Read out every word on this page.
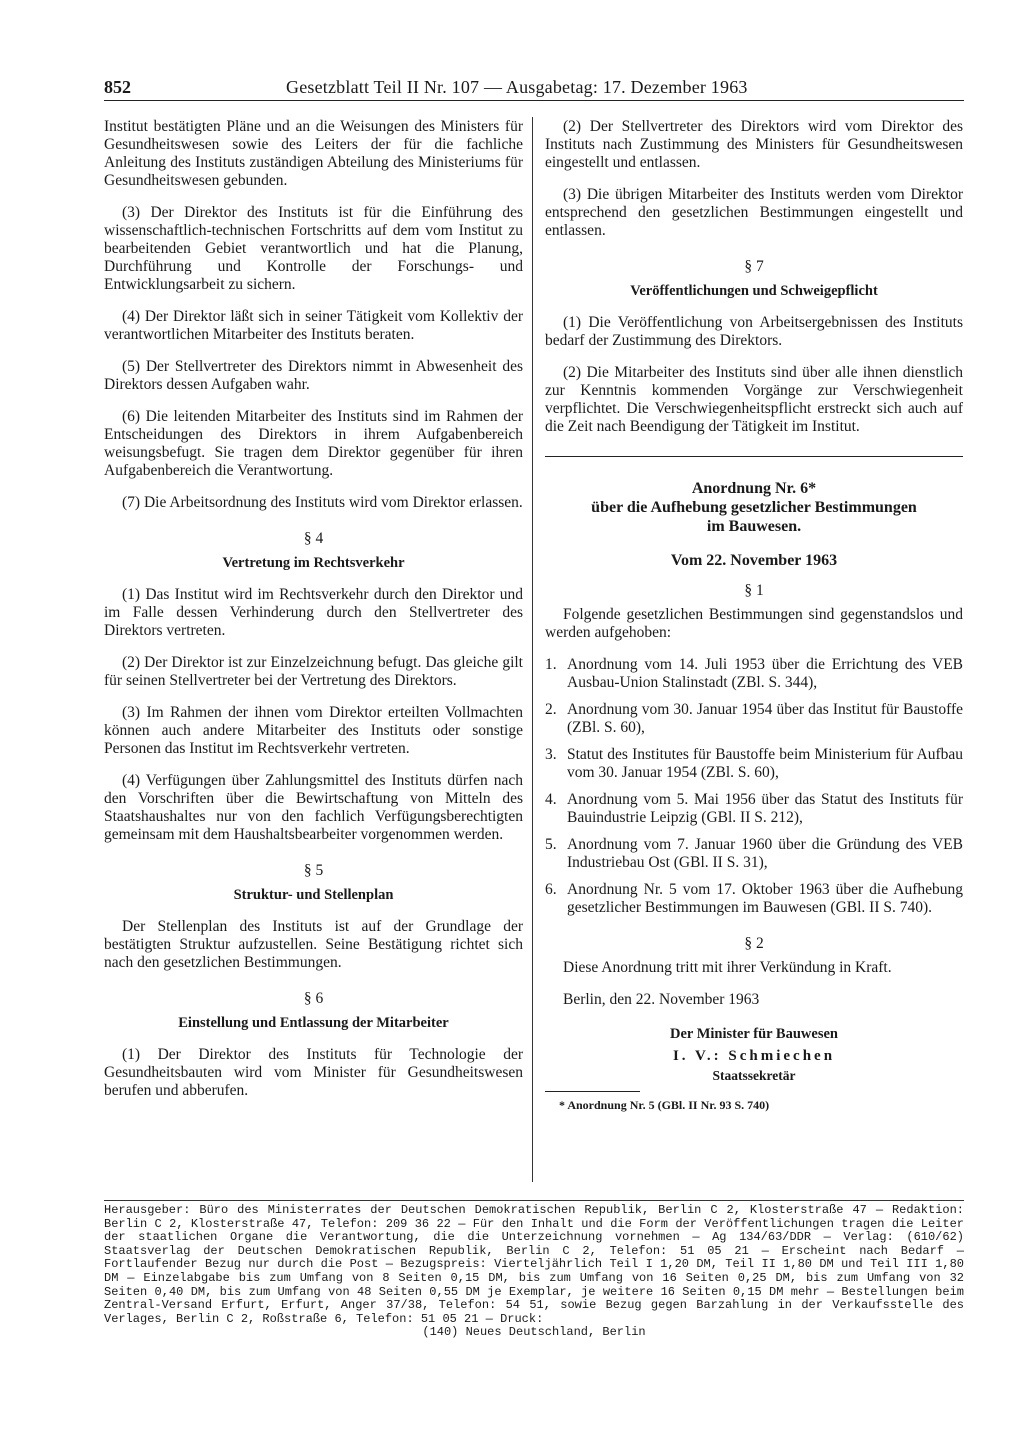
852	Gesetzblatt Teil II Nr. 107 — Ausgabetag: 17. Dezember 1963

Institut bestätigten Pläne und an die Weisungen des Ministers für Gesundheitswesen sowie des Leiters der für die fachliche Anleitung des Instituts zuständigen Abteilung des Ministeriums für Gesundheitswesen gebunden.

(3) Der Direktor des Instituts ist für die Einführung des wissenschaftlich-technischen Fortschritts auf dem vom Institut zu bearbeitenden Gebiet verantwortlich und hat die Planung, Durchführung und Kontrolle der Forschungs- und Entwicklungsarbeit zu sichern.

(4) Der Direktor läßt sich in seiner Tätigkeit vom Kollektiv der verantwortlichen Mitarbeiter des Instituts beraten.

(5) Der Stellvertreter des Direktors nimmt in Abwesenheit des Direktors dessen Aufgaben wahr.

(6) Die leitenden Mitarbeiter des Instituts sind im Rahmen der Entscheidungen des Direktors in ihrem Aufgabenbereich weisungsbefugt. Sie tragen dem Direktor gegenüber für ihren Aufgabenbereich die Verantwortung.

(7) Die Arbeitsordnung des Instituts wird vom Direktor erlassen.

§ 4
Vertretung im Rechtsverkehr

(1) Das Institut wird im Rechtsverkehr durch den Direktor und im Falle dessen Verhinderung durch den Stellvertreter des Direktors vertreten.

(2) Der Direktor ist zur Einzelzeichnung befugt. Das gleiche gilt für seinen Stellvertreter bei der Vertretung des Direktors.

(3) Im Rahmen der ihnen vom Direktor erteilten Vollmachten können auch andere Mitarbeiter des Instituts oder sonstige Personen das Institut im Rechtsverkehr vertreten.

(4) Verfügungen über Zahlungsmittel des Instituts dürfen nach den Vorschriften über die Bewirtschaftung von Mitteln des Staatshaushaltes nur von den fachlich Verfügungsberechtigten gemeinsam mit dem Haushaltsbearbeiter vorgenommen werden.

§ 5
Struktur- und Stellenplan

Der Stellenplan des Instituts ist auf der Grundlage der bestätigten Struktur aufzustellen. Seine Bestätigung richtet sich nach den gesetzlichen Bestimmungen.

§ 6
Einstellung und Entlassung der Mitarbeiter

(1) Der Direktor des Instituts für Technologie der Gesundheitsbauten wird vom Minister für Gesundheitswesen berufen und abberufen.

(2) Der Stellvertreter des Direktors wird vom Direktor des Instituts nach Zustimmung des Ministers für Gesundheitswesen eingestellt und entlassen.

(3) Die übrigen Mitarbeiter des Instituts werden vom Direktor entsprechend den gesetzlichen Bestimmungen eingestellt und entlassen.

§ 7
Veröffentlichungen und Schweigepflicht

(1) Die Veröffentlichung von Arbeitsergebnissen des Instituts bedarf der Zustimmung des Direktors.

(2) Die Mitarbeiter des Instituts sind über alle ihnen dienstlich zur Kenntnis kommenden Vorgänge zur Verschwiegenheit verpflichtet. Die Verschwiegenheitspflicht erstreckt sich auch auf die Zeit nach Beendigung der Tätigkeit im Institut.

Anordnung Nr. 6*
über die Aufhebung gesetzlicher Bestimmungen
im Bauwesen.
Vom 22. November 1963
§ 1

Folgende gesetzlichen Bestimmungen sind gegenstandslos und werden aufgehoben:

1. Anordnung vom 14. Juli 1953 über die Errichtung des VEB Ausbau-Union Stalinstadt (ZBl. S. 344),
2. Anordnung vom 30. Januar 1954 über das Institut für Baustoffe (ZBl. S. 60),
3. Statut des Institutes für Baustoffe beim Ministerium für Aufbau vom 30. Januar 1954 (ZBl. S. 60),
4. Anordnung vom 5. Mai 1956 über das Statut des Instituts für Bauindustrie Leipzig (GBl. II S. 212),
5. Anordnung vom 7. Januar 1960 über die Gründung des VEB Industriebau Ost (GBl. II S. 31),
6. Anordnung Nr. 5 vom 17. Oktober 1963 über die Aufhebung gesetzlicher Bestimmungen im Bauwesen (GBl. II S. 740).
§ 2

Diese Anordnung tritt mit ihrer Verkündung in Kraft.

Berlin, den 22. November 1963

Der Minister für Bauwesen
I. V.: Schmiechen
Staatssekretär
* Anordnung Nr. 5 (GBl. II Nr. 93 S. 740)
Herausgeber: Büro des Ministerrates der Deutschen Demokratischen Republik, Berlin C 2, Klosterstraße 47 — Redaktion: Berlin C 2, Klosterstraße 47, Telefon: 209 36 22 — Für den Inhalt und die Form der Veröffentlichungen tragen die Leiter der staatlichen Organe die Verantwortung, die die Unterzeichnung vornehmen — Ag 134/63/DDR — Verlag: (610/62) Staatsverlag der Deutschen Demokratischen Republik, Berlin C 2, Telefon: 51 05 21 — Erscheint nach Bedarf — Fortlaufender Bezug nur durch die Post — Bezugspreis: Vierteljährlich Teil I 1,20 DM, Teil II 1,80 DM und Teil III 1,80 DM — Einzelabgabe bis zum Umfang von 8 Seiten 0,15 DM, bis zum Umfang von 16 Seiten 0,25 DM, bis zum Umfang von 32 Seiten 0,40 DM, bis zum Umfang von 48 Seiten 0,55 DM je Exemplar, je weitere 16 Seiten 0,15 DM mehr — Bestellungen beim Zentral-Versand Erfurt, Erfurt, Anger 37/38, Telefon: 54 51, sowie Bezug gegen Barzahlung in der Verkaufsstelle des Verlages, Berlin C 2, Roßstraße 6, Telefon: 51 05 21 — Druck:
(140) Neues Deutschland, Berlin
